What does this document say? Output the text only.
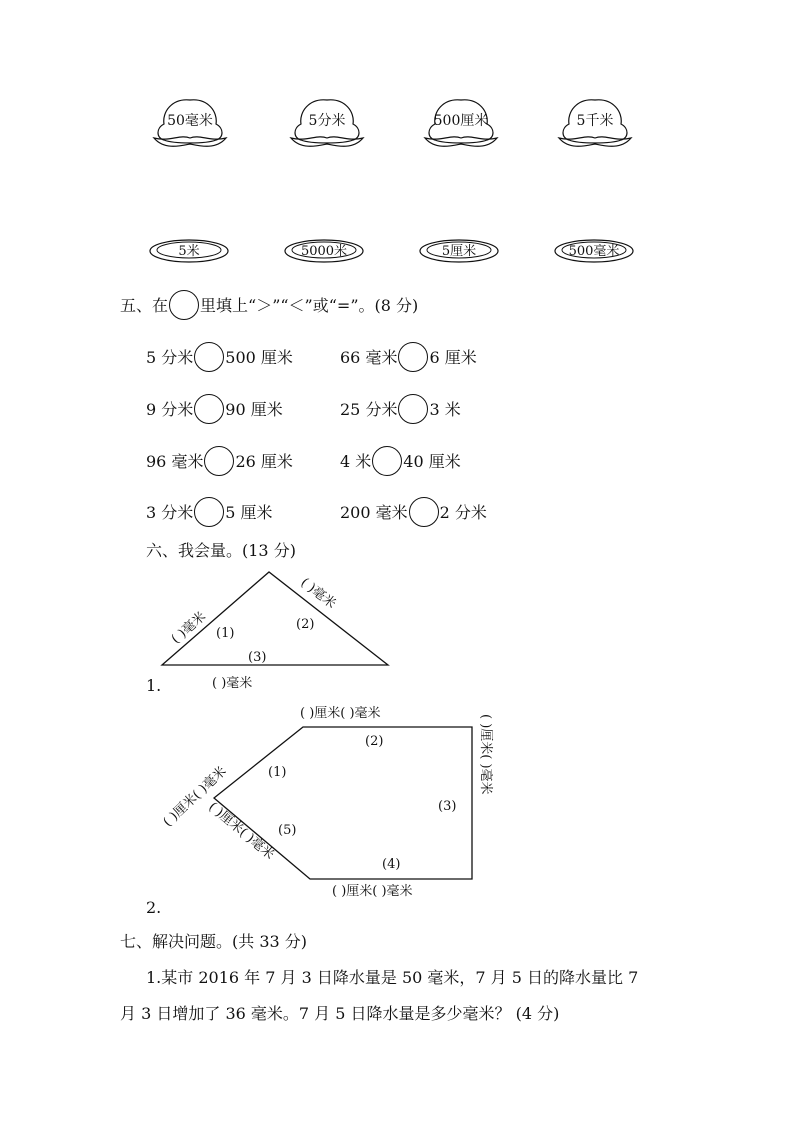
50毫米	5分米	500厘米	5千米
5米	5000米	5厘米	500毫米
五、在 里填上“＞”“＜”或“=”。(8 分)
5 分米 500 厘米	66 毫米 6 厘米
9 分米 90 厘米	25 分米 3 米
96 毫米 26 厘米	4 米 40 厘米
3 分米 5 厘米	200 毫米 2 分米
六、我会量。(13 分)
(1)
(2)
(3)
( )毫米
( )毫米
1.	( )毫米
(2)
(1)
(3)
(5)
(4)
( )厘米( )毫米
( )厘米( )毫米
( )厘米( )毫米
( )厘米( )毫米
( )厘米( )毫米
2.
七、解决问题。(共 33 分)
1.某市 2016 年 7 月 3 日降水量是 50 毫米，7 月 5 日的降水量比 7
月 3 日增加了 36 毫米。7 月 5 日降水量是多少毫米？ (4 分)
